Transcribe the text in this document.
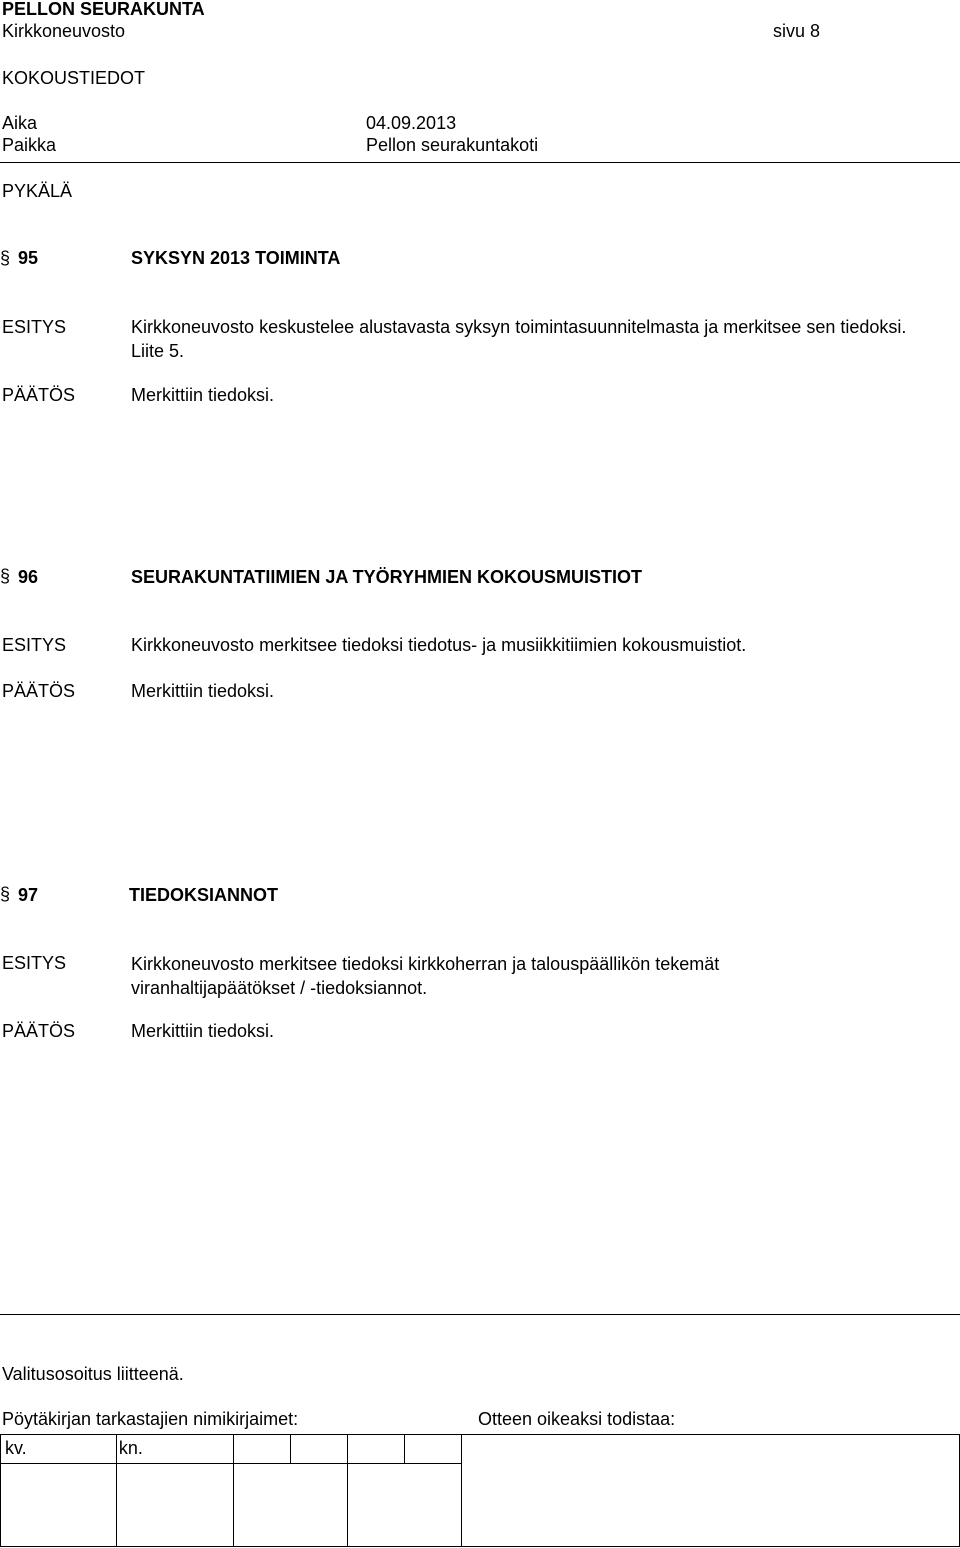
PELLON SEURAKUNTA
Kirkkoneuvosto	sivu 8
KOKOUSTIEDOT
Aika	04.09.2013
Paikka	Pellon seurakuntakoti
PYKÄLÄ
§ 95	SYKSYN 2013 TOIMINTA
ESITYS	Kirkkoneuvosto keskustelee alustavasta syksyn toimintasuunnitelmasta ja merkitsee sen tiedoksi. Liite 5.
PÄÄTÖS	Merkittiin tiedoksi.
§ 96	SEURAKUNTATIIMIEN JA TYÖRYHMIEN KOKOUSMUISTIOT
ESITYS	Kirkkoneuvosto merkitsee tiedoksi tiedotus- ja musiikkitiimien kokousmuistiot.
PÄÄTÖS	Merkittiin tiedoksi.
§ 97	TIEDOKSIANNOT
ESITYS	Kirkkoneuvosto merkitsee tiedoksi kirkkoherran ja talouspäällikön tekemät viranhaltijapäätökset / -tiedoksiannot.
PÄÄTÖS	Merkittiin tiedoksi.
Valitusosoitus liitteenä.
Pöytäkirjan tarkastajien nimikirjaimet:	Otteen oikeaksi todistaa:
kv.	kn.					
